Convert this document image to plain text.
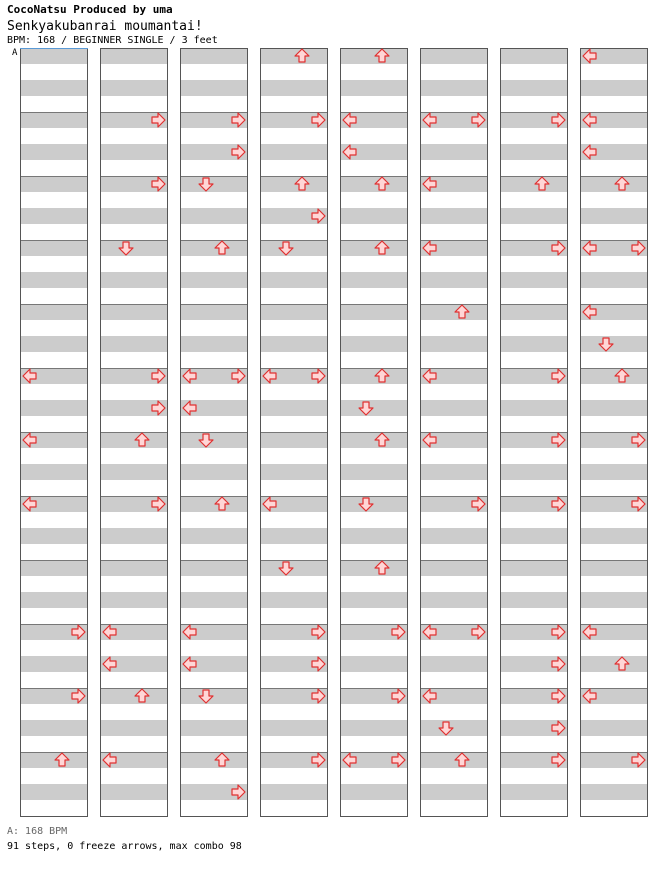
CocoNatsu Produced by uma
Senkyakubanrai moumantai!
BPM: 168 / BEGINNER SINGLE / 3 feet
A
A: 168 BPM
91 steps, 0 freeze arrows, max combo 98
